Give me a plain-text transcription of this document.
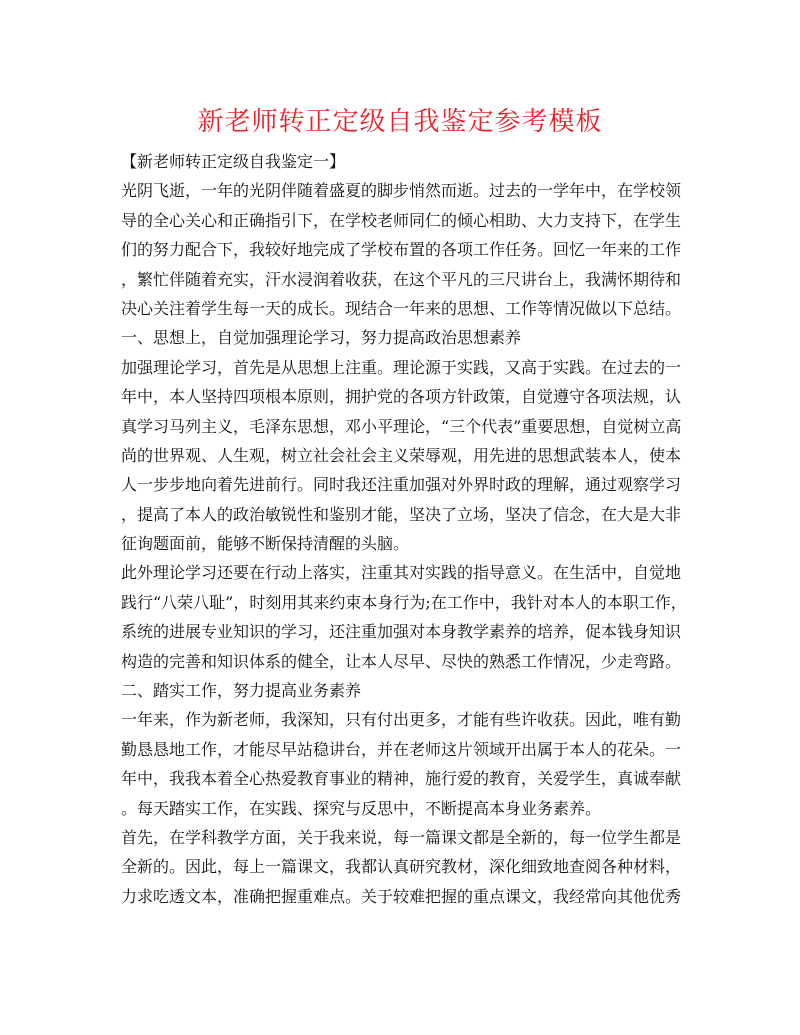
新老师转正定级自我鉴定参考模板
【新老师转正定级自我鉴定一】
光阴飞逝，一年的光阴伴随着盛夏的脚步悄然而逝。过去的一学年中，在学校领
导的全心关心和正确指引下，在学校老师同仁的倾心相助、大力支持下，在学生
们的努力配合下，我较好地完成了学校布置的各项工作任务。回忆一年来的工作
，繁忙伴随着充实，汗水浸润着收获，在这个平凡的三尺讲台上，我满怀期待和
决心关注着学生每一天的成长。现结合一年来的思想、工作等情况做以下总结。
一、思想上，自觉加强理论学习，努力提高政治思想素养
加强理论学习，首先是从思想上注重。理论源于实践，又高于实践。在过去的一
年中，本人坚持四项根本原则，拥护党的各项方针政策，自觉遵守各项法规，认
真学习马列主义，毛泽东思想，邓小平理论，“三个代表”重要思想，自觉树立高
尚的世界观、人生观，树立社会社会主义荣辱观，用先进的思想武装本人，使本
人一步步地向着先进前行。同时我还注重加强对外界时政的理解，通过观察学习
，提高了本人的政治敏锐性和鉴别才能，坚决了立场，坚决了信念，在大是大非
征询题面前，能够不断保持清醒的头脑。
此外理论学习还要在行动上落实，注重其对实践的指导意义。在生活中，自觉地
践行“八荣八耻”，时刻用其来约束本身行为;在工作中，我针对本人的本职工作，
系统的进展专业知识的学习，还注重加强对本身教学素养的培养，促本钱身知识
构造的完善和知识体系的健全，让本人尽早、尽快的熟悉工作情况，少走弯路。
二、踏实工作，努力提高业务素养
一年来，作为新老师，我深知，只有付出更多，才能有些许收获。因此，唯有勤
勤恳恳地工作，才能尽早站稳讲台，并在老师这片领域开出属于本人的花朵。一
年中，我我本着全心热爱教育事业的精神，施行爱的教育，关爱学生，真诚奉献
。每天踏实工作，在实践、探究与反思中，不断提高本身业务素养。
首先，在学科教学方面，关于我来说，每一篇课文都是全新的，每一位学生都是
全新的。因此，每上一篇课文，我都认真研究教材，深化细致地查阅各种材料，
力求吃透文本，准确把握重难点。关于较难把握的重点课文，我经常向其他优秀
